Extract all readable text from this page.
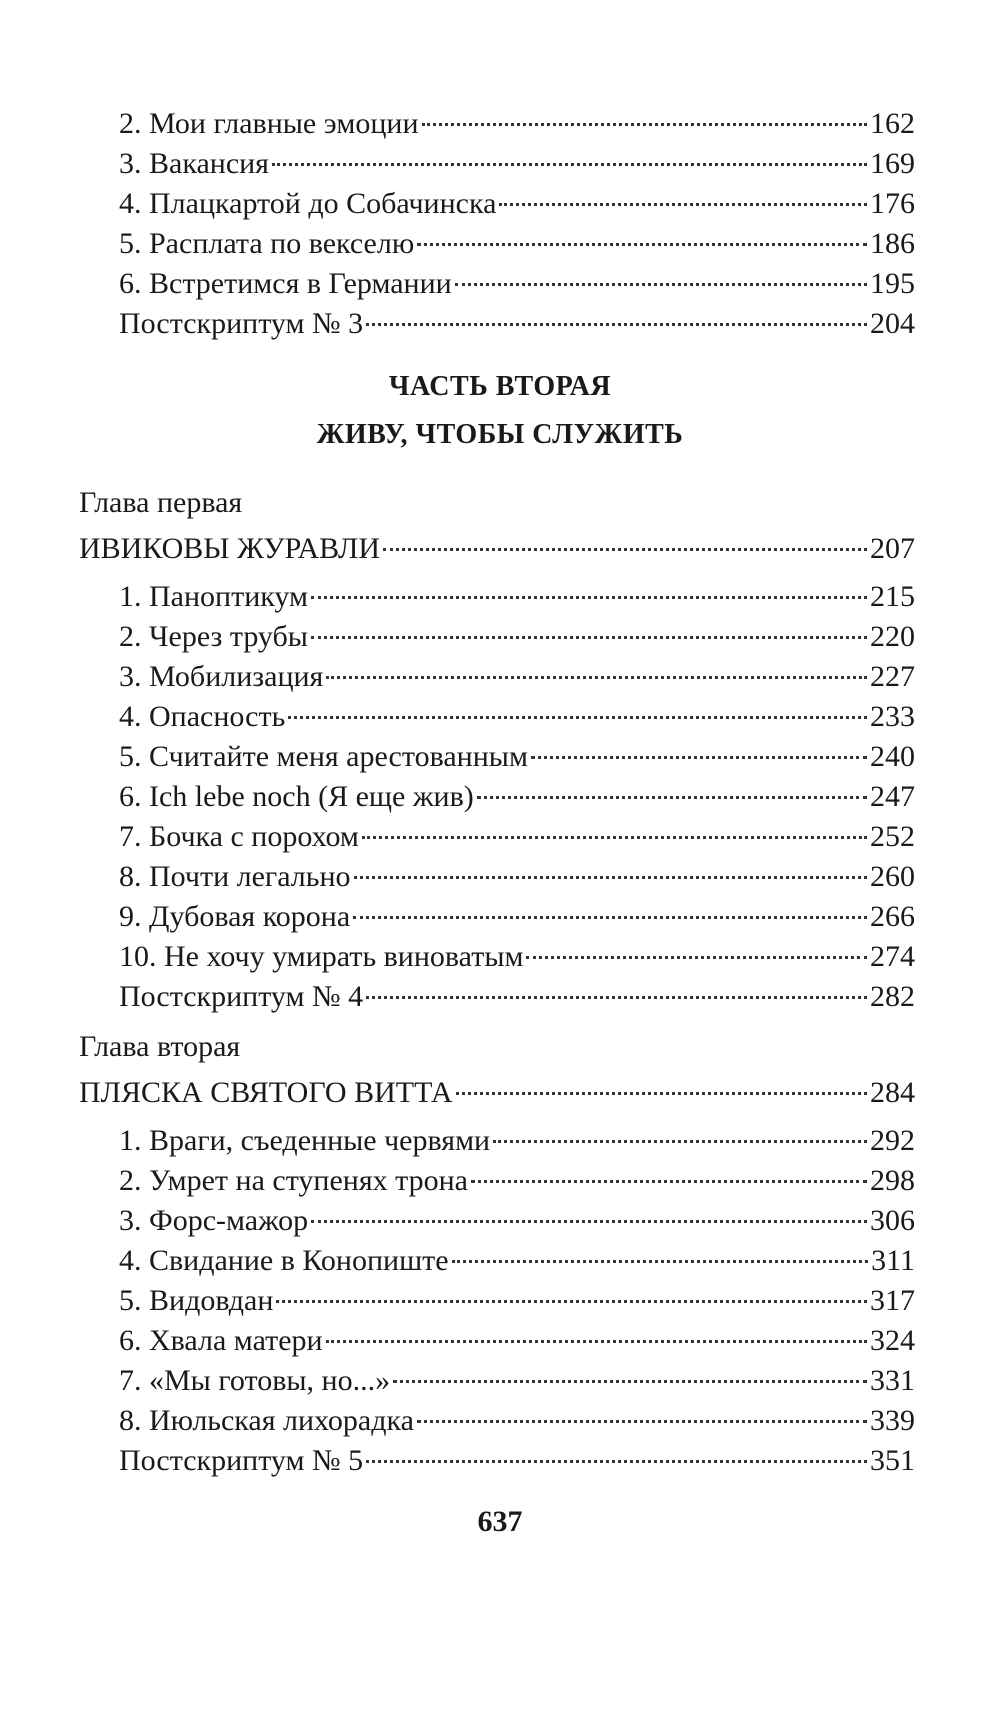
2. Мои главные эмоции	162
3. Вакансия	169
4. Плацкартой до Собачинска	176
5. Расплата по векселю	186
6. Встретимся в Германии	195
Постскриптум № 3	204
ЧАСТЬ ВТОРАЯ
ЖИВУ, ЧТОБЫ СЛУЖИТЬ
Глава первая
ИВИКОВЫ ЖУРАВЛИ	207
1. Паноптикум	215
2. Через трубы	220
3. Мобилизация	227
4. Опасность	233
5. Считайте меня арестованным	240
6. Ich lebe noch (Я еще жив)	247
7. Бочка с порохом	252
8. Почти легально	260
9. Дубовая корона	266
10. Не хочу умирать виноватым	274
Постскриптум № 4	282
Глава вторая
ПЛЯСКА СВЯТОГО ВИТТА	284
1. Враги, съеденные червями	292
2. Умрет на ступенях трона	298
3. Форс-мажор	306
4. Свидание в Конопиште	311
5. Видовдан	317
6. Хвала матери	324
7. «Мы готовы, но...»	331
8. Июльская лихорадка	339
Постскриптум № 5	351
637
